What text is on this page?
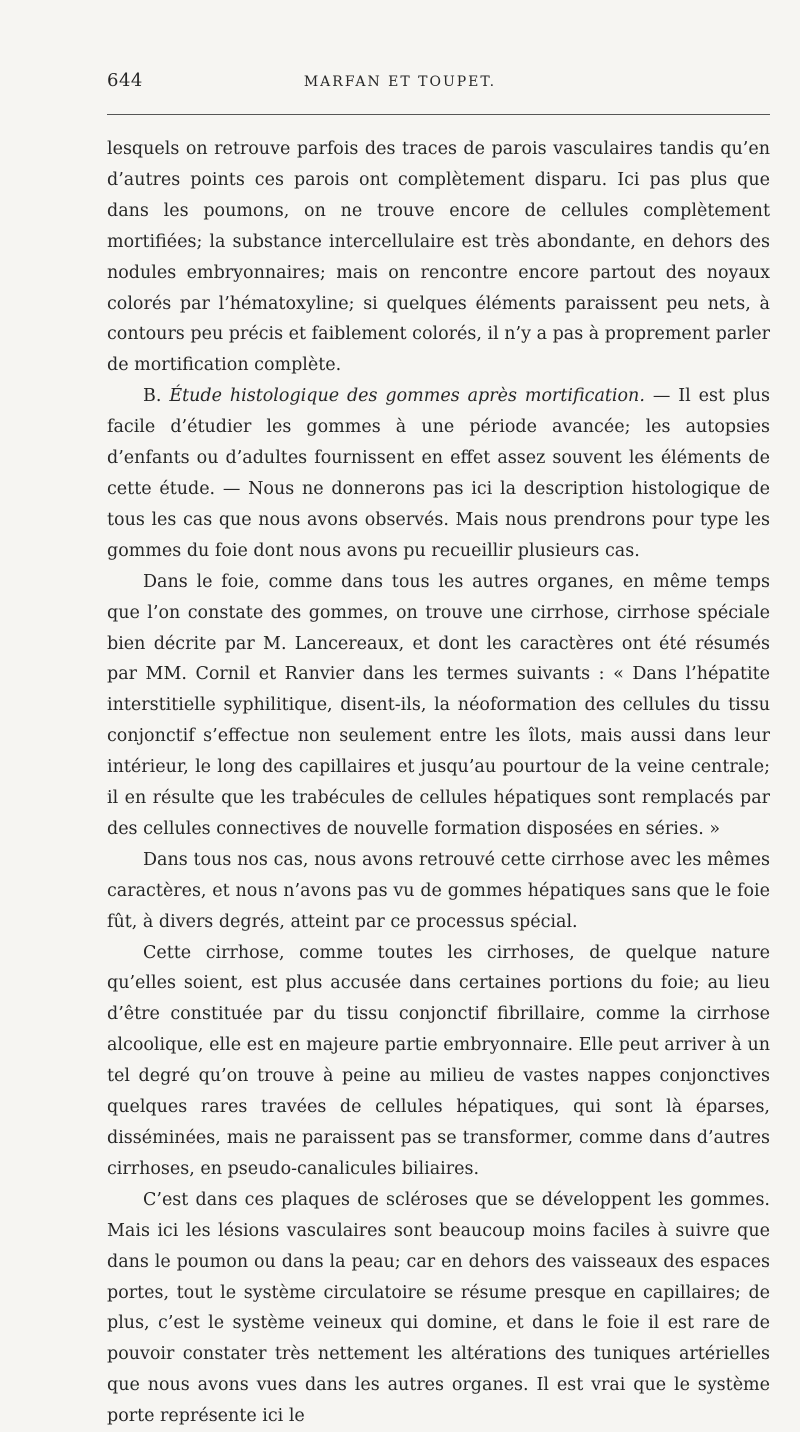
644	MARFAN ET TOUPET.

lesquels on retrouve parfois des traces de parois vasculaires tandis qu’en d’autres points ces parois ont complètement disparu. Ici pas plus que dans les poumons, on ne trouve encore de cellules complètement mortifiées; la substance intercellulaire est très abondante, en dehors des nodules embryonnaires; mais on rencontre encore partout des noyaux colorés par l’hématoxyline; si quelques éléments paraissent peu nets, à contours peu précis et faiblement colorés, il n’y a pas à proprement parler de mortification complète.

B. Étude histologique des gommes après mortification. — Il est plus facile d’étudier les gommes à une période avancée; les autopsies d’enfants ou d’adultes fournissent en effet assez souvent les éléments de cette étude. — Nous ne donnerons pas ici la description histologique de tous les cas que nous avons observés. Mais nous prendrons pour type les gommes du foie dont nous avons pu recueillir plusieurs cas.

Dans le foie, comme dans tous les autres organes, en même temps que l’on constate des gommes, on trouve une cirrhose, cirrhose spéciale bien décrite par M. Lancereaux, et dont les caractères ont été résumés par MM. Cornil et Ranvier dans les termes suivants : « Dans l’hépatite interstitielle syphilitique, disent-ils, la néoformation des cellules du tissu conjonctif s’effectue non seulement entre les îlots, mais aussi dans leur intérieur, le long des capillaires et jusqu’au pourtour de la veine centrale; il en résulte que les trabécules de cellules hépatiques sont remplacés par des cellules connectives de nouvelle formation disposées en séries. »

Dans tous nos cas, nous avons retrouvé cette cirrhose avec les mêmes caractères, et nous n’avons pas vu de gommes hépatiques sans que le foie fût, à divers degrés, atteint par ce processus spécial.

Cette cirrhose, comme toutes les cirrhoses, de quelque nature qu’elles soient, est plus accusée dans certaines portions du foie; au lieu d’être constituée par du tissu conjonctif fibrillaire, comme la cirrhose alcoolique, elle est en majeure partie embryonnaire. Elle peut arriver à un tel degré qu’on trouve à peine au milieu de vastes nappes conjonctives quelques rares travées de cellules hépatiques, qui sont là éparses, disséminées, mais ne paraissent pas se transformer, comme dans d’autres cirrhoses, en pseudo-canalicules biliaires.

C’est dans ces plaques de scléroses que se développent les gommes. Mais ici les lésions vasculaires sont beaucoup moins faciles à suivre que dans le poumon ou dans la peau; car en dehors des vaisseaux des espaces portes, tout le système circulatoire se résume presque en capillaires; de plus, c’est le système veineux qui domine, et dans le foie il est rare de pouvoir constater très nettement les altérations des tuniques artérielles que nous avons vues dans les autres organes. Il est vrai que le système porte représente ici le
